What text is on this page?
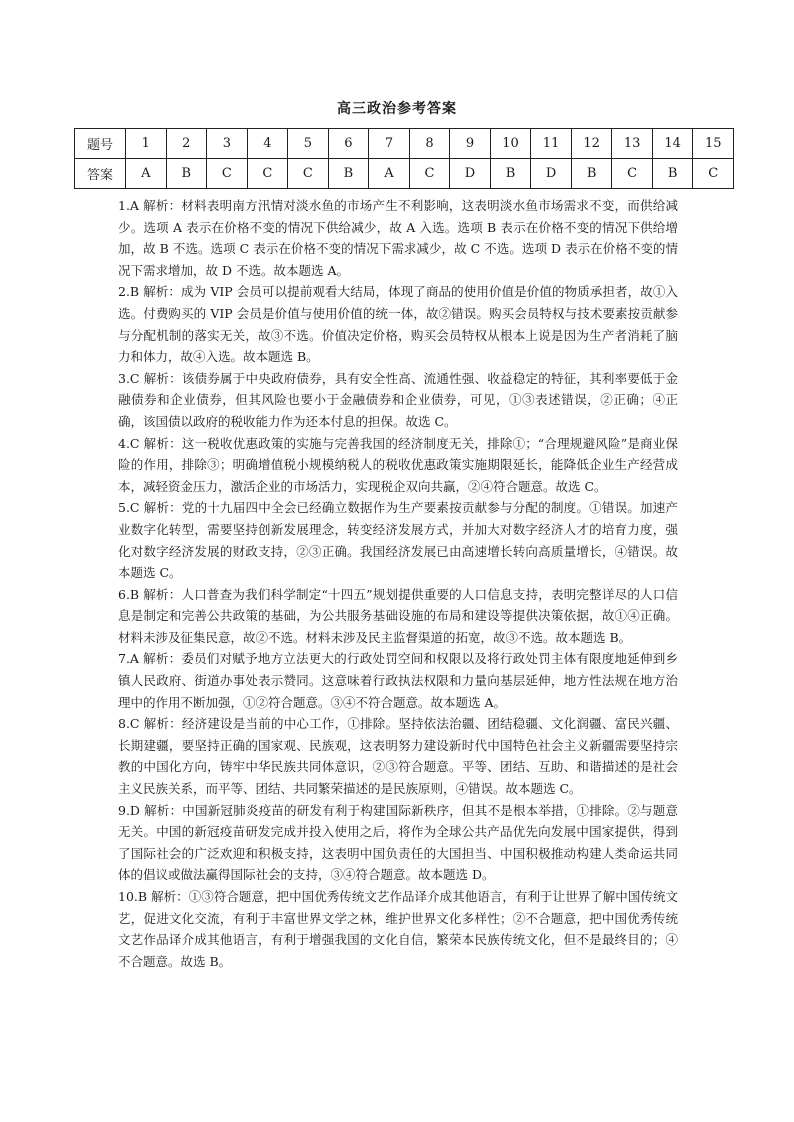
高三政治参考答案
题号	1	2	3	4	5	6	7	8	9	10	11	12	13	14	15
答案	A	B	C	C	C	B	A	C	D	B	D	B	C	B	C

1.A 解析：材料表明南方汛情对淡水鱼的市场产生不利影响，这表明淡水鱼市场需求不变，而供给减少。选项 A 表示在价格不变的情况下供给减少，故 A 入选。选项 B 表示在价格不变的情况下供给增加，故 B 不选。选项 C 表示在价格不变的情况下需求减少，故 C 不选。选项 D 表示在价格不变的情况下需求增加，故 D 不选。故本题选 A。

2.B 解析：成为 VIP 会员可以提前观看大结局，体现了商品的使用价值是价值的物质承担者，故①入选。付费购买的 VIP 会员是价值与使用价值的统一体，故②错误。购买会员特权与技术要素按贡献参与分配机制的落实无关，故③不选。价值决定价格，购买会员特权从根本上说是因为生产者消耗了脑力和体力，故④入选。故本题选 B。

3.C 解析：该债券属于中央政府债券，具有安全性高、流通性强、收益稳定的特征，其利率要低于金融债券和企业债券，但其风险也要小于金融债券和企业债券，可见，①③表述错误，②正确；④正确，该国债以政府的税收能力作为还本付息的担保。故选 C。

4.C 解析：这一税收优惠政策的实施与完善我国的经济制度无关，排除①；“合理规避风险”是商业保险的作用，排除③；明确增值税小规模纳税人的税收优惠政策实施期限延长，能降低企业生产经营成本，减轻资金压力，激活企业的市场活力，实现税企双向共赢，②④符合题意。故选 C。

5.C 解析：党的十九届四中全会已经确立数据作为生产要素按贡献参与分配的制度。①错误。加速产业数字化转型，需要坚持创新发展理念，转变经济发展方式，并加大对数字经济人才的培育力度，强化对数字经济发展的财政支持，②③正确。我国经济发展已由高速增长转向高质量增长，④错误。故本题选 C。

6.B 解析：人口普查为我们科学制定“十四五”规划提供重要的人口信息支持，表明完整详尽的人口信息是制定和完善公共政策的基础，为公共服务基础设施的布局和建设等提供决策依据，故①④正确。材料未涉及征集民意，故②不选。材料未涉及民主监督渠道的拓宽，故③不选。故本题选 B。

7.A 解析：委员们对赋予地方立法更大的行政处罚空间和权限以及将行政处罚主体有限度地延伸到乡镇人民政府、街道办事处表示赞同。这意味着行政执法权限和力量向基层延伸，地方性法规在地方治理中的作用不断加强，①②符合题意。③④不符合题意。故本题选 A。

8.C 解析：经济建设是当前的中心工作，①排除。坚持依法治疆、团结稳疆、文化润疆、富民兴疆、长期建疆，要坚持正确的国家观、民族观，这表明努力建设新时代中国特色社会主义新疆需要坚持宗教的中国化方向，铸牢中华民族共同体意识，②③符合题意。平等、团结、互助、和谐描述的是社会主义民族关系，而平等、团结、共同繁荣描述的是民族原则，④错误。故本题选 C。

9.D 解析：中国新冠肺炎疫苗的研发有利于构建国际新秩序，但其不是根本举措，①排除。②与题意无关。中国的新冠疫苗研发完成并投入使用之后，将作为全球公共产品优先向发展中国家提供，得到了国际社会的广泛欢迎和积极支持，这表明中国负责任的大国担当、中国积极推动构建人类命运共同体的倡议或做法赢得国际社会的支持，③④符合题意。故本题选 D。

10.B 解析：①③符合题意，把中国优秀传统文艺作品译介成其他语言，有利于让世界了解中国传统文艺，促进文化交流，有利于丰富世界文学之林，维护世界文化多样性；②不合题意，把中国优秀传统文艺作品译介成其他语言，有利于增强我国的文化自信，繁荣本民族传统文化，但不是最终目的；④不合题意。故选 B。
